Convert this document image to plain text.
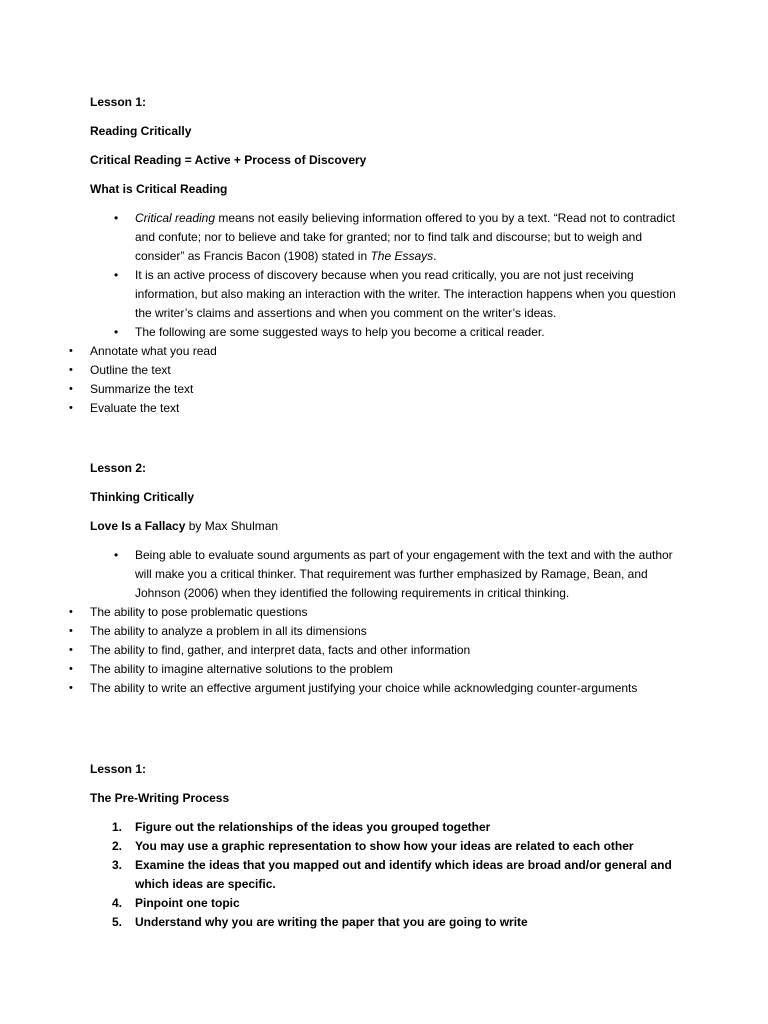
Lesson 1:

Reading Critically

Critical Reading = Active + Process of Discovery

What is Critical Reading

• Critical reading means not easily believing information offered to you by a text. “Read not to contradict and confute; nor to believe and take for granted; nor to find talk and discourse; but to weigh and consider” as Francis Bacon (1908) stated in The Essays.
• It is an active process of discovery because when you read critically, you are not just receiving information, but also making an interaction with the writer. The interaction happens when you question the writer’s claims and assertions and when you comment on the writer’s ideas.
• The following are some suggested ways to help you become a critical reader.
• Annotate what you read
• Outline the text
• Summarize the text
• Evaluate the text

Lesson 2:

Thinking Critically

Love Is a Fallacy by Max Shulman

• Being able to evaluate sound arguments as part of your engagement with the text and with the author will make you a critical thinker. That requirement was further emphasized by Ramage, Bean, and Johnson (2006) when they identified the following requirements in critical thinking.
• The ability to pose problematic questions
• The ability to analyze a problem in all its dimensions
• The ability to find, gather, and interpret data, facts and other information
• The ability to imagine alternative solutions to the problem
• The ability to write an effective argument justifying your choice while acknowledging counter-arguments

Lesson 1:

The Pre-Writing Process

1. Figure out the relationships of the ideas you grouped together
2. You may use a graphic representation to show how your ideas are related to each other
3. Examine the ideas that you mapped out and identify which ideas are broad and/or general and which ideas are specific.
4. Pinpoint one topic
5. Understand why you are writing the paper that you are going to write
